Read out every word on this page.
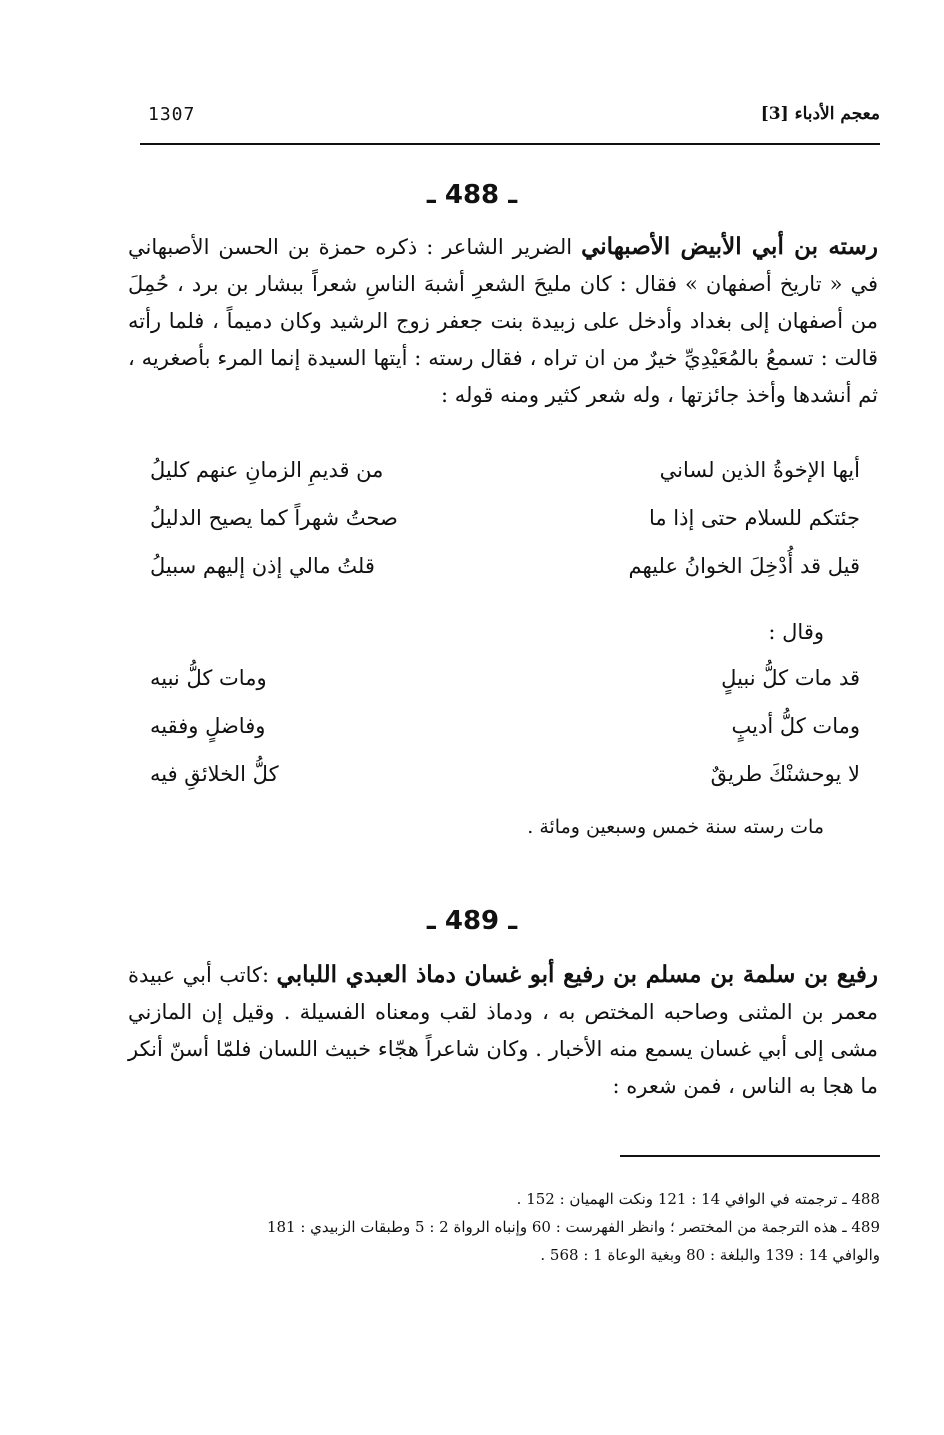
1307	معجم الأدباء [3]
ـ 488 ـ
رسته بن أبي الأبيض الأصبهاني الضرير الشاعر : ذكره حمزة بن الحسن الأصبهاني في « تاريخ أصفهان » فقال : كان مليحَ الشعرِ أشبهَ الناسِ شعراً ببشار بن برد ، حُمِلَ من أصفهان إلى بغداد وأدخل على زبيدة بنت جعفر زوج الرشيد وكان دميماً ، فلما رأته قالت : تسمعُ بالمُعَيْدِيِّ خيرٌ من ان تراه ، فقال رسته : أيتها السيدة إنما المرء بأصغريه ، ثم أنشدها وأخذ جائزتها ، وله شعر كثير ومنه قوله :
أيها الإخوةُ الذين لساني
من قديمِ الزمانِ عنهم كليلُ
جئتكم للسلام حتى إذا ما
صحتُ شهراً كما يصيح الدليلُ
قيل قد أُدْخِلَ الخوانُ عليهم
قلتُ مالي إذن إليهم سبيلُ
وقال :
قد مات كلُّ نبيلٍ
ومات كلُّ نبيه
ومات كلُّ أديبٍ
وفاضلٍ وفقيه
لا يوحشنْكَ طريقٌ
كلُّ الخلائقِ فيه
مات رسته سنة خمس وسبعين ومائة .
ـ 489 ـ
رفيع بن سلمة بن مسلم بن رفيع أبو غسان دماذ العبدي اللبابي :كاتب أبي عبيدة معمر بن المثنى وصاحبه المختص به ، ودماذ لقب ومعناه الفسيلة . وقيل إن المازني مشى إلى أبي غسان يسمع منه الأخبار . وكان شاعراً هجّاء خبيث اللسان فلمّا أسنّ أنكر ما هجا به الناس ، فمن شعره :
488 ـ ترجمته في الوافي 14 : 121 ونكت الهميان : 152 .
489 ـ هذه الترجمة من المختصر ؛ وانظر الفهرست : 60 وإنباه الرواة 2 : 5 وطبقات الزبيدي : 181
والوافي 14 : 139 والبلغة : 80 وبغية الوعاة 1 : 568 .
